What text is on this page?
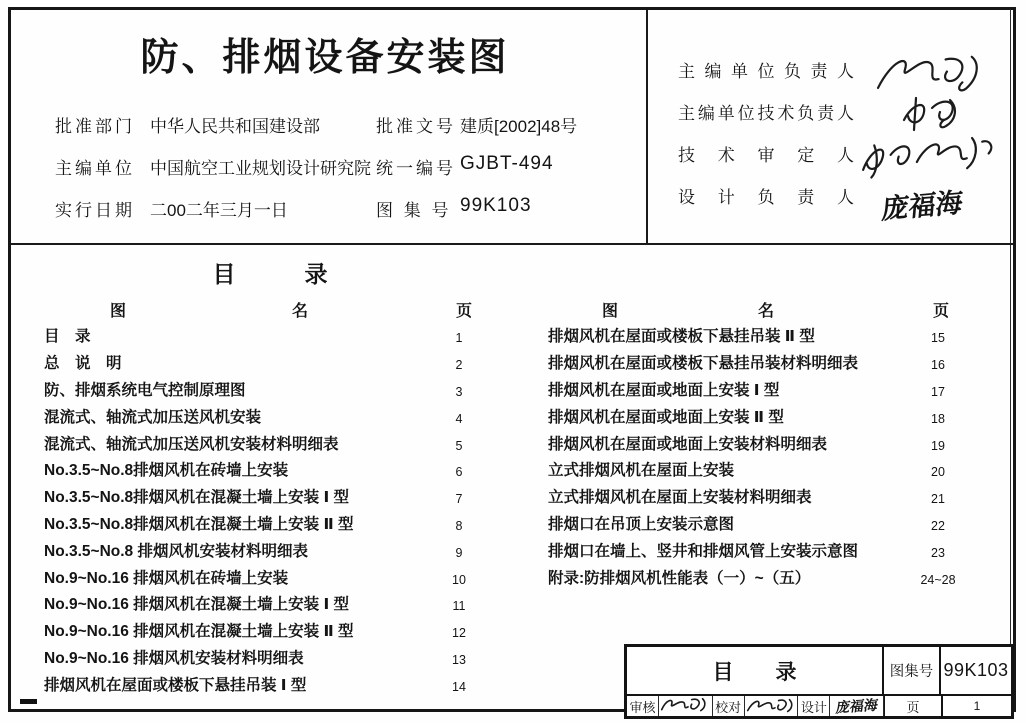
防、排烟设备安装图
批准部门 中华人民共和国建设部
主编单位 中国航空工业规划设计研究院
实行日期 二00二年三月一日
批准文号 建质[2002]48号
统一编号 GJBT-494
图 集 号 99K103
主 编 单 位 负 责 人
主编单位技术负责人
技 术 审 定 人
设 计 负 责 人 庞福海
目　　　录
图	名	页	图	名	页
目　录	1
总　说　明	2
防、排烟系统电气控制原理图	3
混流式、轴流式加压送风机安装	4
混流式、轴流式加压送风机安装材料明细表	5
No.3.5~No.8排烟风机在砖墙上安装	6
No.3.5~No.8排烟风机在混凝土墙上安装 Ⅰ 型	7
No.3.5~No.8排烟风机在混凝土墙上安装 Ⅱ 型	8
No.3.5~No.8 排烟风机安装材料明细表	9
No.9~No.16 排烟风机在砖墙上安装	10
No.9~No.16 排烟风机在混凝土墙上安装 Ⅰ 型	11
No.9~No.16 排烟风机在混凝土墙上安装 Ⅱ 型	12
No.9~No.16 排烟风机安装材料明细表	13
排烟风机在屋面或楼板下悬挂吊装 Ⅰ 型	14
排烟风机在屋面或楼板下悬挂吊装 Ⅱ 型	15
排烟风机在屋面或楼板下悬挂吊装材料明细表	16
排烟风机在屋面或地面上安装 Ⅰ 型	17
排烟风机在屋面或地面上安装 Ⅱ 型	18
排烟风机在屋面或地面上安装材料明细表	19
立式排烟风机在屋面上安装	20
立式排烟风机在屋面上安装材料明细表	21
排烟口在吊顶上安装示意图	22
排烟口在墙上、竖井和排烟风管上安装示意图	23
附录:防排烟风机性能表（一）~（五）	24~28
目　　录	图集号 99K103
审核	校对	设计 庞福海	页	1
